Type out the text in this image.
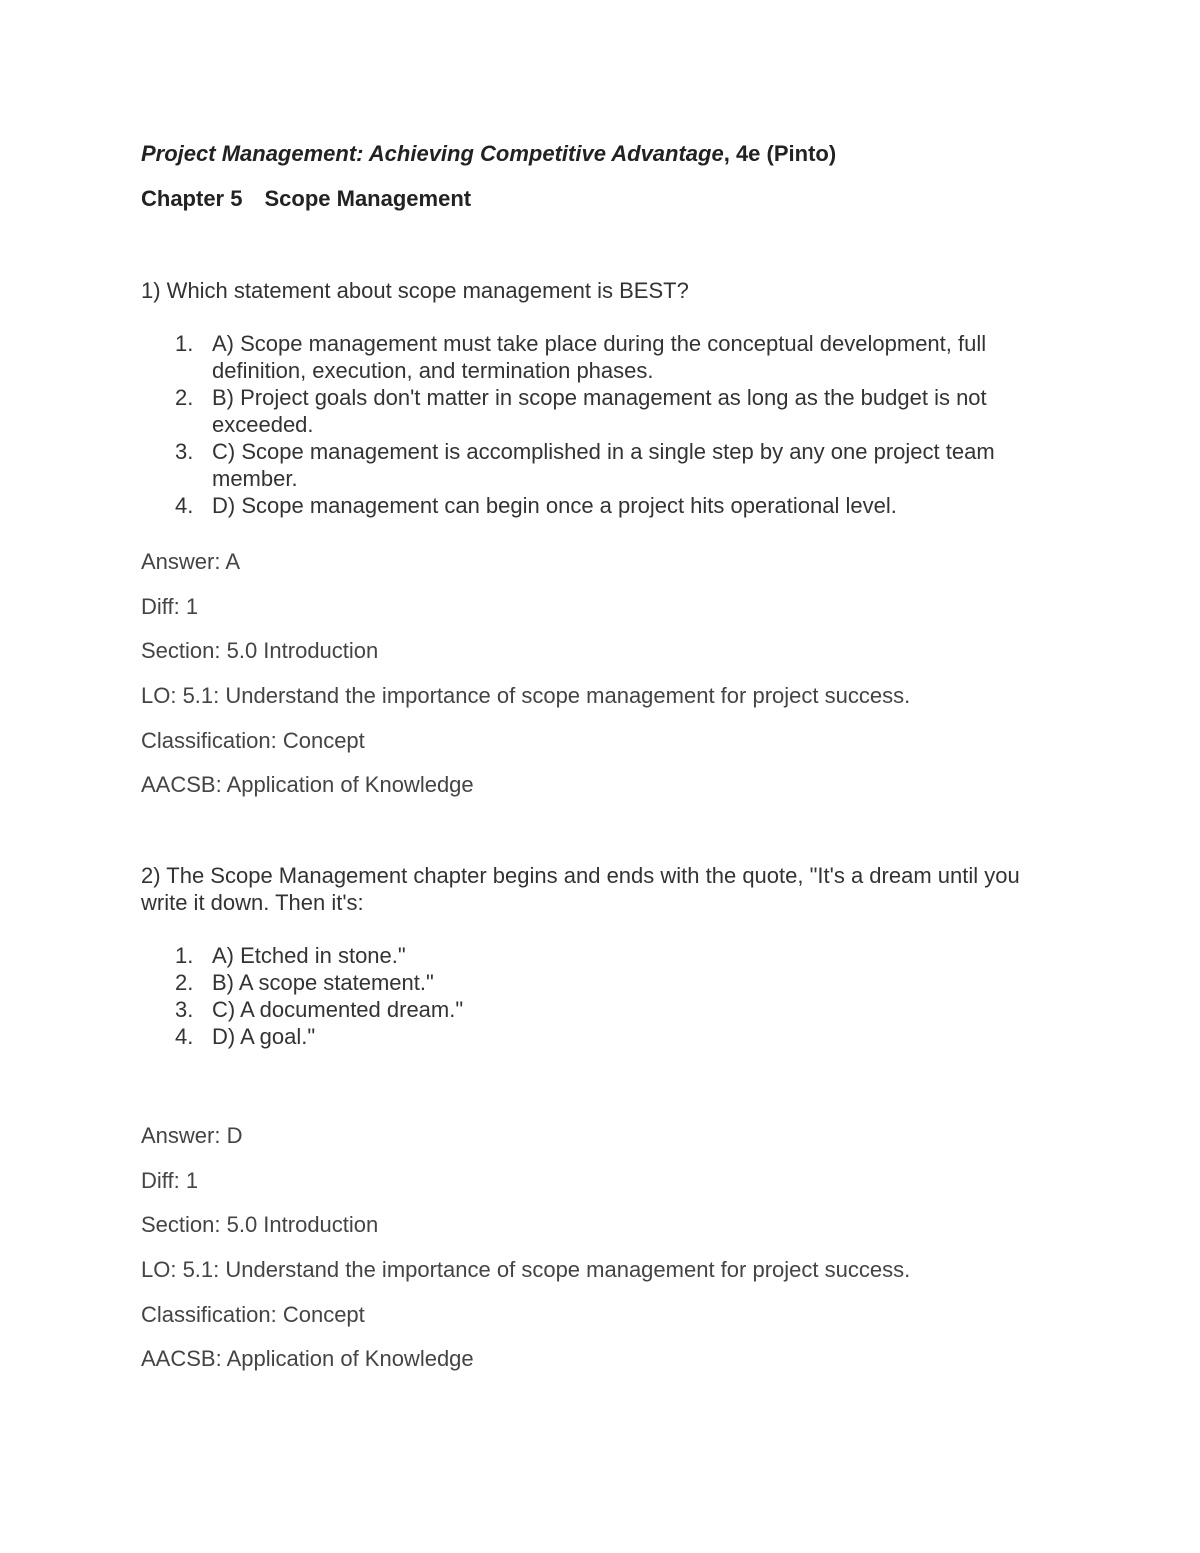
Project Management: Achieving Competitive Advantage, 4e (Pinto)
Chapter 5 Scope Management

1) Which statement about scope management is BEST?

1. A) Scope management must take place during the conceptual development, full definition, execution, and termination phases.
2. B) Project goals don't matter in scope management as long as the budget is not exceeded.
3. C) Scope management is accomplished in a single step by any one project team member.
4. D) Scope management can begin once a project hits operational level.

Answer: A

Diff: 1

Section: 5.0 Introduction

LO: 5.1: Understand the importance of scope management for project success.

Classification: Concept

AACSB: Application of Knowledge

2) The Scope Management chapter begins and ends with the quote, "It's a dream until you write it down. Then it's:

1. A) Etched in stone."
2. B) A scope statement."
3. C) A documented dream."
4. D) A goal."

Answer: D

Diff: 1

Section: 5.0 Introduction

LO: 5.1: Understand the importance of scope management for project success.

Classification: Concept

AACSB: Application of Knowledge
